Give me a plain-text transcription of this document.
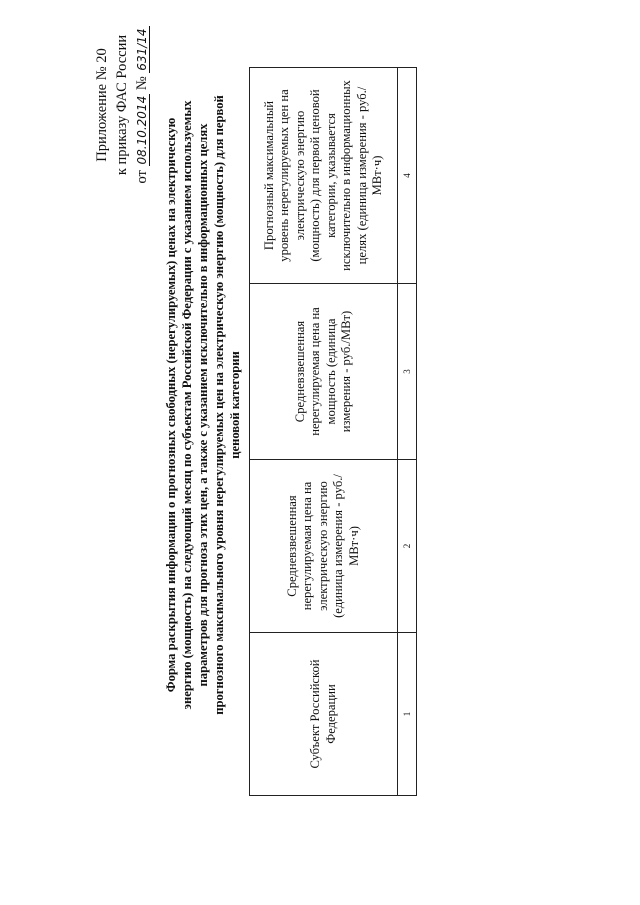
Приложение № 20 к приказу ФАС России
от 08.10.2014 № 631/14
Форма раскрытия информации о прогнозных свободных (нерегулируемых) ценах на электрическую энергию (мощность) на следующий месяц по субъектам Российской Федерации с указанием используемых параметров для прогноза этих цен, а также с указанием исключительно в информационных целях прогнозного максимального уровня нерегулируемых цен на электрическую энергию (мощность) для первой ценовой категории
Субъект Российской Федерации	Средневзвешенная нерегулируемая цена на электрическую энергию (единица измерения - руб./МВт·ч)	Средневзвешенная нерегулируемая цена на мощность (единица измерения - руб./МВт)	Прогнозный максимальный уровень нерегулируемых цен на электрическую энергию (мощность) для первой ценовой категории, указывается исключительно в информационных целях (единица измерения - руб./МВт·ч)
1	2	3	4
